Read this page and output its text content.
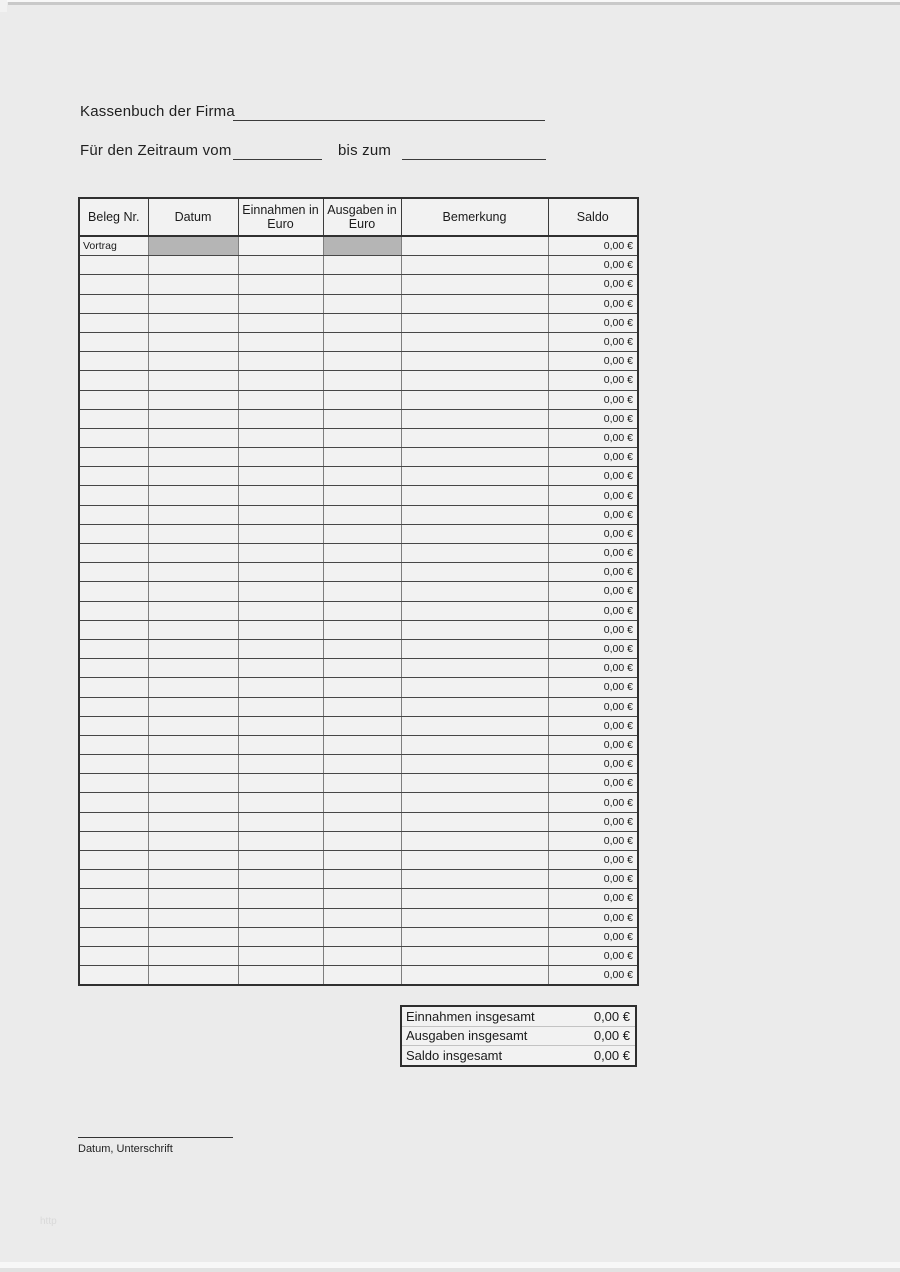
Kassenbuch der Firma
Für den Zeitraum vom	bis zum
Beleg Nr.	Datum	Einnahmen in Euro	Ausgaben in Euro	Bemerkung	Saldo
Vortrag					0,00 €
					0,00 €
					0,00 €
					0,00 €
					0,00 €
					0,00 €
					0,00 €
					0,00 €
					0,00 €
					0,00 €
					0,00 €
					0,00 €
					0,00 €
					0,00 €
					0,00 €
					0,00 €
					0,00 €
					0,00 €
					0,00 €
					0,00 €
					0,00 €
					0,00 €
					0,00 €
					0,00 €
					0,00 €
					0,00 €
					0,00 €
					0,00 €
					0,00 €
					0,00 €
					0,00 €
					0,00 €
					0,00 €
					0,00 €
					0,00 €
					0,00 €
					0,00 €
					0,00 €
					0,00 €
Einnahmen insgesamt	0,00 €
Ausgaben insgesamt	0,00 €
Saldo insgesamt	0,00 €
Datum, Unterschrift
http
